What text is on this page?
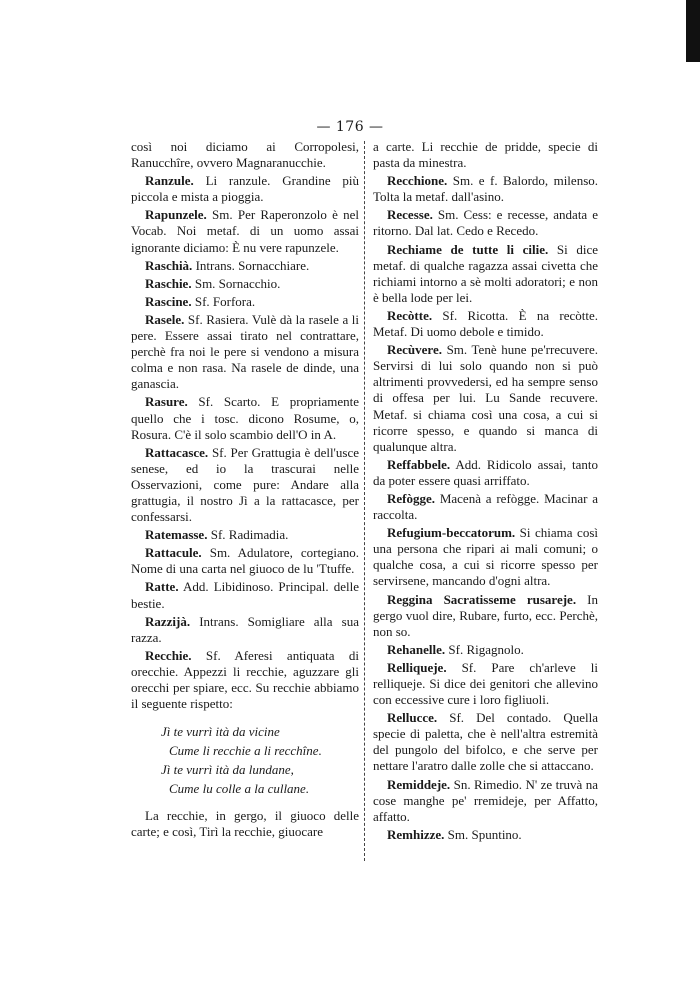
— 176 —

così noi diciamo ai Corropolesi, Ranucchîre, ovvero Magnaranucchie.

Ranzule. Li ranzule. Grandine più piccola e mista a pioggia.

Rapunzele. Sm. Per Raperonzolo è nel Vocab. Noi metaf. di un uomo assai ignorante diciamo: È nu vere rapunzele.

Raschià. Intrans. Sornacchiare.

Raschie. Sm. Sornacchio.

Rascine. Sf. Forfora.

Rasele. Sf. Rasiera. Vulè dà la rasele a li pere. Essere assai tirato nel contrattare, perchè fra noi le pere si vendono a misura colma e non rasa. Na rasele de dinde, una ganascia.

Rasure. Sf. Scarto. E propriamente quello che i tosc. dicono Rosume, o, Rosura. C'è il solo scambio dell'O in A.

Rattacasce. Sf. Per Grattugia è dell'usce senese, ed io la trascurai nelle Osservazioni, come pure: Andare alla grattugia, il nostro Jì a la rattacasce, per confessarsi.

Ratemasse. Sf. Radimadia.

Rattacule. Sm. Adulatore, cortegiano. Nome di una carta nel giuoco de lu 'Ttuffe.

Ratte. Add. Libidinoso. Principal. delle bestie.

Razzijà. Intrans. Somigliare alla sua razza.

Recchie. Sf. Aferesi antiquata di orecchie. Appezzi li recchie, aguzzare gli orecchi per spiare, ecc. Su recchie abbiamo il seguente rispetto:

Jì te vurrì ità da vicine
Cume li recchie a li recchîne.
Jì te vurrì ità da lundane,
Cume lu colle a la cullane.

La recchie, in gergo, il giuoco delle carte; e così, Tirì la recchie, giuocare

a carte. Li recchie de pridde, specie di pasta da minestra.

Recchione. Sm. e f. Balordo, milenso. Tolta la metaf. dall'asino.

Recesse. Sm. Cess: e recesse, andata e ritorno. Dal lat. Cedo e Recedo.

Rechiame de tutte li cilie. Si dice metaf. di qualche ragazza assai civetta che richiami intorno a sè molti adoratori; e non è bella lode per lei.

Recòtte. Sf. Ricotta. È na recòtte. Metaf. Di uomo debole e timido.

Recùvere. Sm. Tenè hune pe'rrecuvere. Servirsi di lui solo quando non si può altrimenti provvedersi, ed ha sempre senso di offesa per lui. Lu Sande recuvere. Metaf. si chiama così una cosa, a cui si ricorre spesso, e quando si manca di qualunque altra.

Reffabbele. Add. Ridicolo assai, tanto da poter essere quasi arriffato.

Refògge. Macenà a refògge. Macinar a raccolta.

Refugium-beccatorum. Si chiama così una persona che ripari ai mali comuni; o qualche cosa, a cui si ricorre spesso per servirsene, mancando d'ogni altra.

Reggina Sacratisseme rusareje. In gergo vuol dire, Rubare, furto, ecc. Perchè, non so.

Rehanelle. Sf. Rigagnolo.

Relliqueje. Sf. Pare ch'arleve li relliqueje. Si dice dei genitori che allevino con eccessive cure i loro figliuoli.

Rellucce. Sf. Del contado. Quella specie di paletta, che è nell'altra estremità del pungolo del bifolco, e che serve per nettare l'aratro dalle zolle che si attaccano.

Remiddeje. Sn. Rimedio. N' ze truvà na cose manghe pe' rremideje, per Affatto, affatto.

Remhizze. Sm. Spuntino.
